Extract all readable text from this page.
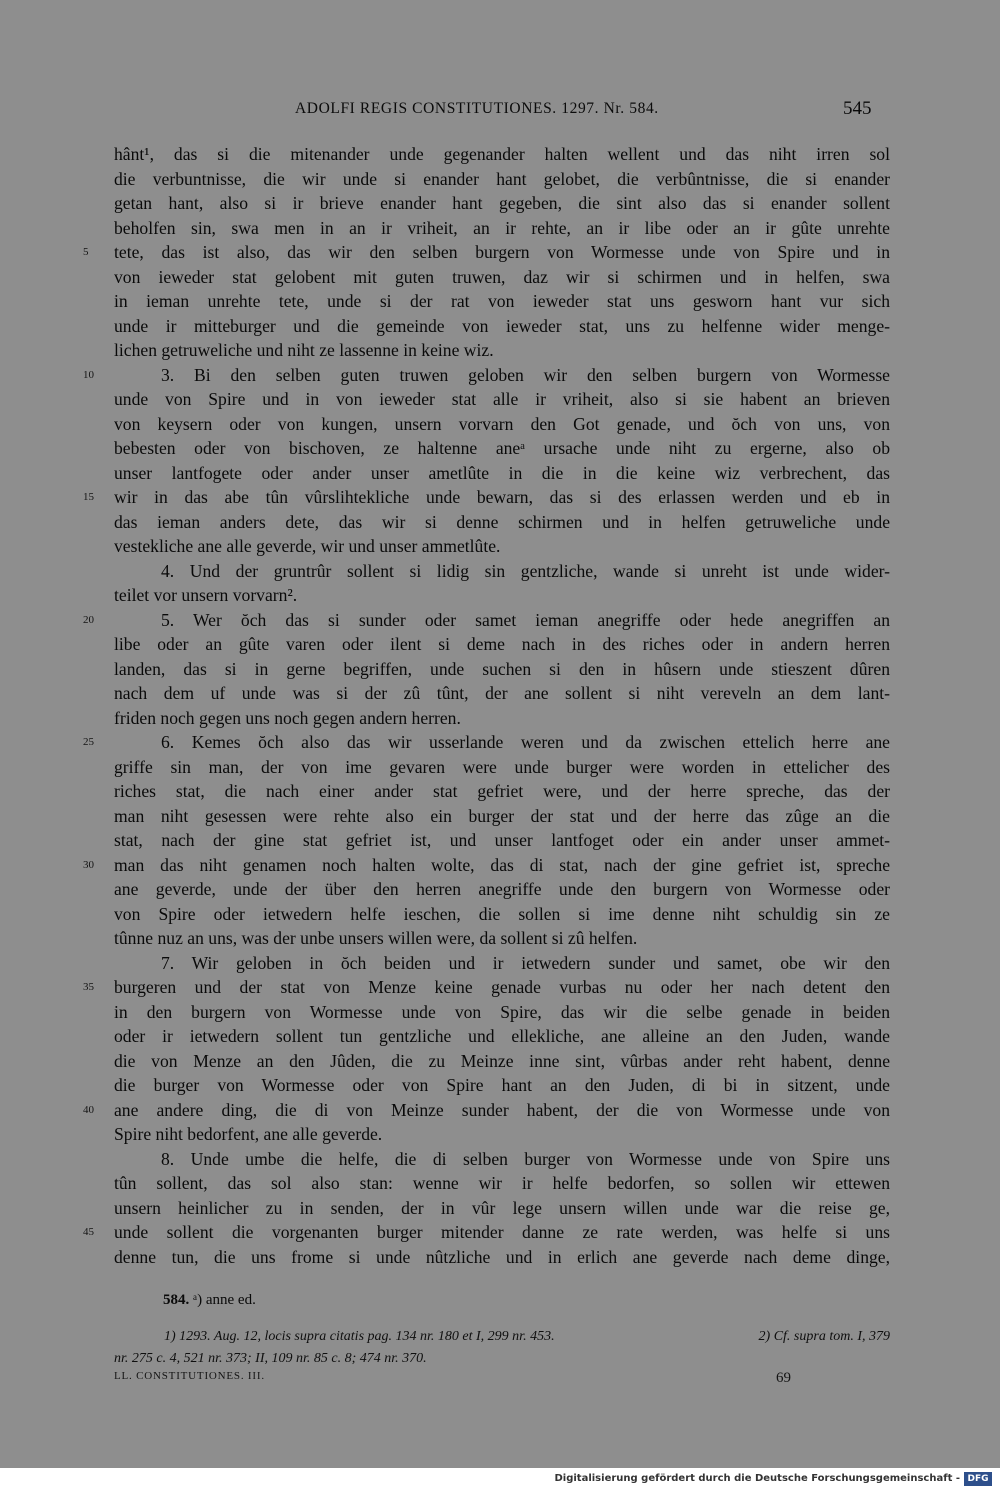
ADOLFI REGIS CONSTITUTIONES. 1297. Nr. 584.	545
hânt¹, das si die mitenander unde gegenander halten wellent und das niht irren sol
die verbuntnisse, die wir unde si enander hant gelobet, die verbûntnisse, die si enander
getan hant, also si ir brieve enander hant gegeben, die sint also das si enander sollent
beholfen sin, swa men in an ir vriheit, an ir rehte, an ir libe oder an ir gûte unrehte
tete, das ist also, das wir den selben burgern von Wormesse unde von Spire und in
5
von ieweder stat gelobent mit guten truwen, daz wir si schirmen und in helfen, swa
in ieman unrehte tete, unde si der rat von ieweder stat uns gesworn hant vur sich
unde ir mitteburger und die gemeinde von ieweder stat, uns zu helfenne wider menge-
lichen getruweliche und niht ze lassenne in keine wiz.
3. Bi den selben guten truwen geloben wir den selben burgern von Wormesse
10
unde von Spire und in von ieweder stat alle ir vriheit, also si sie habent an brieven
von keysern oder von kungen, unsern vorvarn den Got genade, und ŏch von uns, von
bebesten oder von bischoven, ze haltenne aneᵃ ursache unde niht zu ergerne, also ob
unser lantfogete oder ander unser ametlûte in die in die keine wiz verbrechent, das
wir in das abe tûn vûrslihtekliche unde bewarn, das si des erlassen werden und eb in
15
das ieman anders dete, das wir si denne schirmen und in helfen getruweliche unde
vestekliche ane alle geverde, wir und unser ammetlûte.
4. Und der gruntrûr sollent si lidig sin gentzliche, wande si unreht ist unde wider-
teilet vor unsern vorvarn².
5. Wer ŏch das si sunder oder samet ieman anegriffe oder hede anegriffen an
20
libe oder an gûte varen oder ilent si deme nach in des riches oder in andern herren
landen, das si in gerne begriffen, unde suchen si den in hûsern unde stieszent dûren
nach dem uf unde was si der zû tûnt, der ane sollent si niht vereveln an dem lant-
friden noch gegen uns noch gegen andern herren.
6. Kemes ŏch also das wir usserlande weren und da zwischen ettelich herre ane
25
griffe sin man, der von ime gevaren were unde burger were worden in ettelicher des
riches stat, die nach einer ander stat gefriet were, und der herre spreche, das der
man niht gesessen were rehte also ein burger der stat und der herre das zûge an die
stat, nach der gine stat gefriet ist, und unser lantfoget oder ein ander unser ammet-
man das niht genamen noch halten wolte, das di stat, nach der gine gefriet ist, spreche
30
ane geverde, unde der über den herren anegriffe unde den burgern von Wormesse oder
von Spire oder ietwedern helfe ieschen, die sollen si ime denne niht schuldig sin ze
tûnne nuz an uns, was der unbe unsers willen were, da sollent si zû helfen.
7. Wir geloben in ŏch beiden und ir ietwedern sunder und samet, obe wir den
burgeren und der stat von Menze keine genade vurbas nu oder her nach detent den
35
in den burgern von Wormesse unde von Spire, das wir die selbe genade in beiden
oder ir ietwedern sollent tun gentzliche und ellekliche, ane alleine an den Juden, wande
die von Menze an den Jûden, die zu Meinze inne sint, vûrbas ander reht habent, denne
die burger von Wormesse oder von Spire hant an den Juden, di bi in sitzent, unde
ane andere ding, die di von Meinze sunder habent, der die von Wormesse unde von
40
Spire niht bedorfent, ane alle geverde.
8. Unde umbe die helfe, die di selben burger von Wormesse unde von Spire uns
tûn sollent, das sol also stan: wenne wir ir helfe bedorfen, so sollen wir ettewen
unsern heinlicher zu in senden, der in vûr lege unsern willen unde war die reise ge,
unde sollent die vorgenanten burger mitender danne ze rate werden, was helfe si uns
45
denne tun, die uns frome si unde nûtzliche und in erlich ane geverde nach deme dinge,
584. ᵃ) anne ed.
1) 1293. Aug. 12, locis supra citatis pag. 134 nr. 180 et I, 299 nr. 453.	2) Cf. supra tom. I, 379
nr. 275 c. 4, 521 nr. 373; II, 109 nr. 85 c. 8; 474 nr. 370.
LL. CONSTITUTIONES. III.	69
Digitalisierung gefördert durch die Deutsche Forschungsgemeinschaft - DFG
